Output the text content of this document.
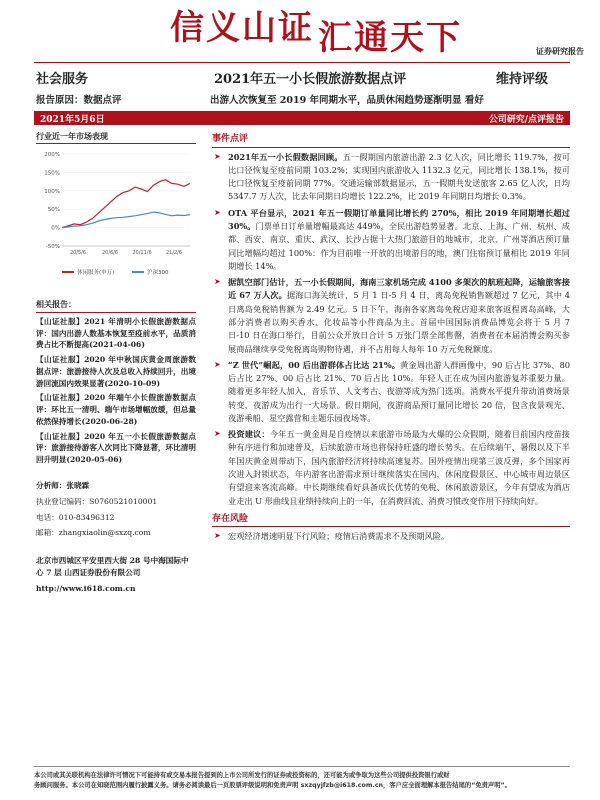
信义山证 汇通天下	证券研究报告
社会服务	2021年五一小长假旅游数据点评	维持评级
报告原因：数据点评	出游人次恢复至 2019 年同期水平，品质休闲趋势逐渐明显 看好
2021年5月6日	公司研究/点评报告
行业近一年市场表现
200%
150%
100%
50%
0%
-50%
20/5/6	20/6/6	20/11/6	21/2/6
休闲服务(申万)	沪深300
相关报告：
【山证社服】2021 年清明小长假旅游数据点评：国内出游人数基本恢复至疫前水平，品质消费占比不断提高(2021-04-06)
【山证社服】2020 年中秋国庆黄金周旅游数据点评：旅游接待人次及总收入持续回升，出境游回流国内效果显著(2020-10-09)
【山证社服】2020 年端午小长假旅游数据点评：环比五一清明、端午市场增幅放缓，但总量依然保持增长(2020-06-28)
【山证社服】2020 年五一小长假旅游数据点评：旅游接待游客人次同比下降显著，环比清明回升明显(2020-05-06)
分析师：张晓霖
执业登记编码：S0760521010001
电话：010-83496312
邮箱：zhangxiaolin@sxzq.com
北京市西城区平安里西大街 28 号中海国际中心 7 层 山西证券股份有限公司
http://www.i618.com.cn
事件点评
➤ 2021年五一小长假数据回顾。五一假期国内旅游出游 2.3 亿人次，同比增长 119.7%，按可比口径恢复至疫前同期 103.2%；实现国内旅游收入 1132.3 亿元，同比增长 138.1%，按可比口径恢复至疫前同期 77%。交通运输部数据显示，五一假期共发送旅客 2.65 亿人次，日均 5347.7 万人次，比去年同期日均增长 122.2%，比 2019 年同期日均增长 0.3%。
➤ OTA 平台显示，2021 年五一假期订单量同比增长约 270%，相比 2019 年同期增长超过 30%。门票单日订单量增幅最高达 449%，全民出游趋势显著。北京、上海、广州、杭州、成都、西安、南京、重庆、武汉、长沙占据十大热门旅游目的地城市，北京、广州等酒店预订量同比增幅均超过 100%：作为目前唯一开放的出境游目的地，澳门住宿预订量相比 2019 年同期增长 14%。
➤ 据凯空部门估计，五一小长假期间，海南三家机场完成 4100 多架次的航班起降，运输旅客接近 67 万人次。据海口海关统计，5 月 1 日-5 月 4 日，离岛免税销售额超过 7 亿元，其中 4 日离岛免税销售额为 2.49 亿元。5 日下午，海南各家离岛免税店迎来旅客返程离岛高峰，大部分消费者以购买香水、化妆品等小件商品为主。首届中国国际消费品博览会将于 5 月 7 日-10 日在海口举行，目前公众开放日合计 5 万张门票全部售罄，消费者在本届消博会购买参展商品继续享受免税离岛购物待遇，并不占用每人每年 10 万元免税额度。
➤ “Z 世代”崛起，00 后出游群体占比达 21%。黄金周出游人群画像中，90 后占比 37%、80 后占比 27%、00 后占比 21%、70 后占比 10%。年轻人正在成为国内旅游复苏重要力量。随着更多年轻人加入，音乐节、人文考古、夜游等成为热门选项。消费水平提升带动消费场景转变，夜游成为出行一大场景。假日期间，夜游商品预订量同比增长 20 倍，包含夜景观光、夜游乘船、星空露营和主题乐园夜场等。
➤ 投资建议：今年五一黄金周是自疫情以来旅游市场最为火爆的公众假期，随着目前国内疫苗接种有序进行和加速普及，后续旅游市场也将保持旺盛的增长势头。在后续端午、暑假以及下半年国庆黄金周带动下，国内旅游经济将持续高速复苏。国外疫情出现第三波反弹，多个国家再次进入封锁状态，年内游客出游需求预计继续落实在国内，休闲度假景区、中心城市周边景区有望迎来客流高峰。中长期继续看好具备成长优势的免税、休闲旅游景区，今年有望成为酒店业走出 U 形曲线且业绩持续向上的一年，在消费回流、消费习惯改变作用下持续向好。
存在风险
➤ 宏观经济增速明显下行风险；疫情后消费需求不及预期风险。
本公司或其关联机构在法律许可情况下可能持有或交易本报告提到的上市公司所发行的证券或投资标的，还可能为或争取为这些公司提供投资银行或财
务顾问服务。本公司在知晓范围内履行披露义务。请务必阅读最后一页股票评级说明和免责声明 sxzqyjfzb@i618.com.cn，客户应全面理解本报告结尾的“免责声明”。
